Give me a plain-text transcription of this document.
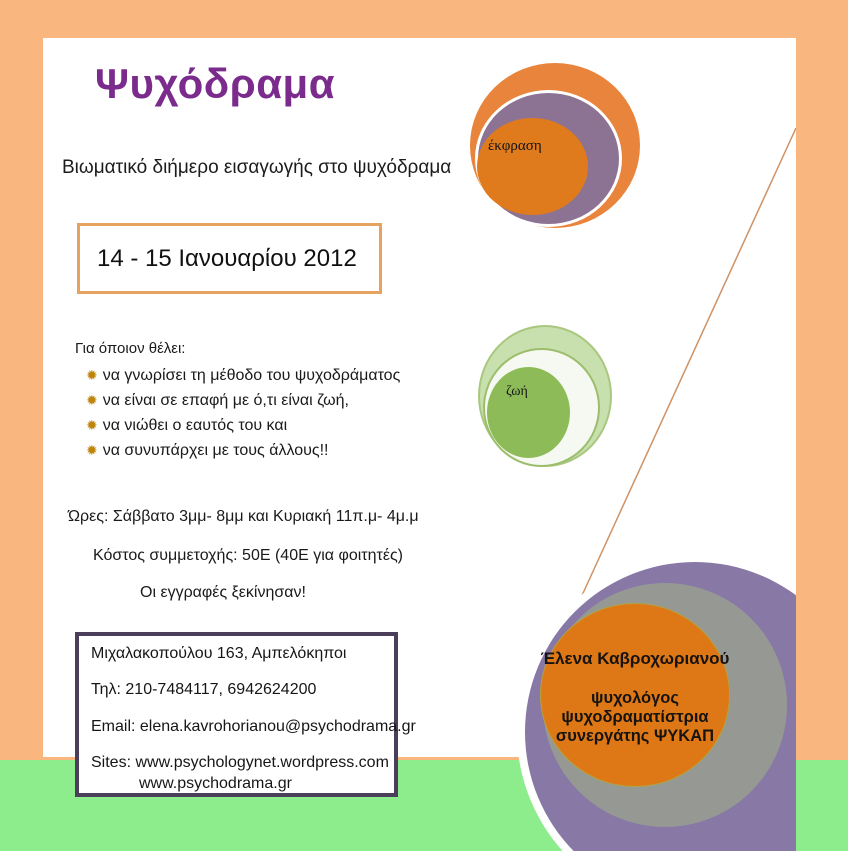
Έλενα Καβροχωριανού
ψυχολόγος
ψυχοδραματίστρια
συνεργάτης ΨΥΚΑΠ
έκφραση
ζωή
Ψυχόδραμα
Βιωματικό διήμερο εισαγωγής στο ψυχόδραμα
14 - 15 Ιανουαρίου 2012
Για όποιον θέλει:
✹ να γνωρίσει τη μέθοδο του ψυχοδράματος
✹ να είναι σε επαφή με ό,τι είναι ζωή,
✹ να νιώθει ο εαυτός του και
✹ να συνυπάρχει με τους άλλους!!
Ώρες: Σάββατο 3μμ- 8μμ και Κυριακή 11π.μ- 4μ.μ
Κόστος συμμετοχής: 50Ε (40Ε για φοιτητές)
Οι εγγραφές ξεκίνησαν!
Μιχαλακοπούλου 163, Αμπελόκηποι
Τηλ: 210-7484117, 6942624200
Email: elena.kavrohorianou@psychodrama.gr
Sites: www.psychologynet.wordpress.com
www.psychodrama.gr
